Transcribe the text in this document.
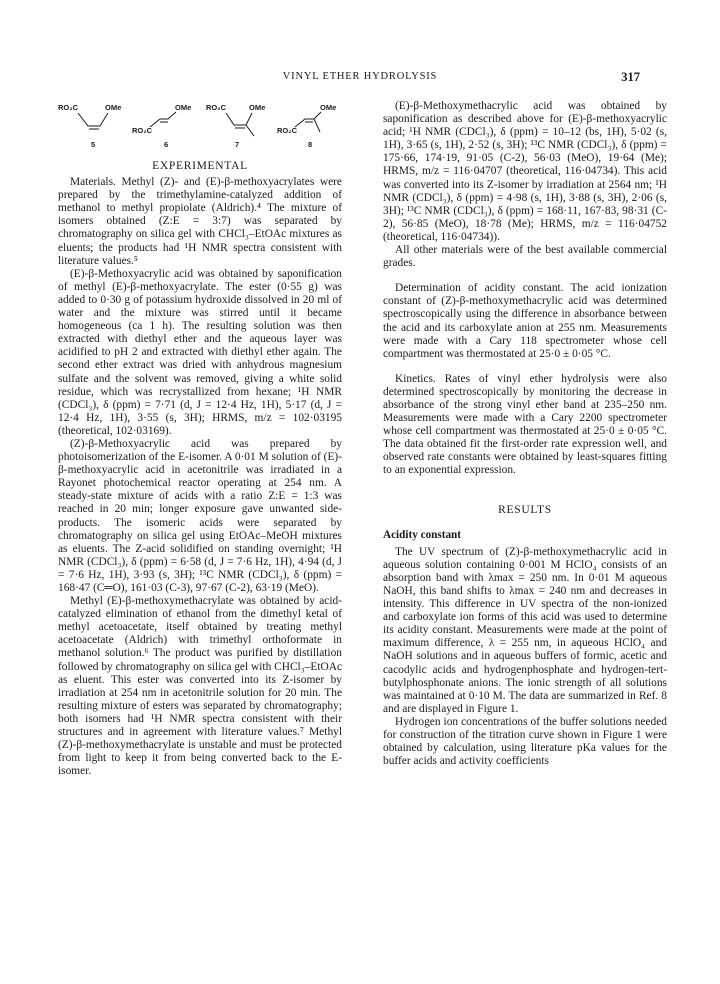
VINYL ETHER HYDROLYSIS	317
RO₂C	OMe
5
OMe
RO₂C
6
RO₂C	OMe
7
OMe
RO₂C
8

EXPERIMENTAL

Materials. Methyl (Z)- and (E)-β-methoxyacrylates were prepared by the trimethylamine-catalyzed addition of methanol to methyl propiolate (Aldrich).⁴ The mixture of isomers obtained (Z:E = 3:7) was separated by chromatography on silica gel with CHCl₃–EtOAc mixtures as eluents; the products had ¹H NMR spectra consistent with literature values.⁵

(E)-β-Methoxyacrylic acid was obtained by saponification of methyl (E)-β-methoxyacrylate. The ester (0·55 g) was added to 0·30 g of potassium hydroxide dissolved in 20 ml of water and the mixture was stirred until it became homogeneous (ca 1 h). The resulting solution was then extracted with diethyl ether and the aqueous layer was acidified to pH 2 and extracted with diethyl ether again. The second ether extract was dried with anhydrous magnesium sulfate and the solvent was removed, giving a white solid residue, which was recrystallized from hexane; ¹H NMR (CDCl₃), δ (ppm) = 7·71 (d, J = 12·4 Hz, 1H), 5·17 (d, J = 12·4 Hz, 1H), 3·55 (s, 3H); HRMS, m/z = 102·03195 (theoretical, 102·03169).

(Z)-β-Methoxyacrylic acid was prepared by photoisomerization of the E-isomer. A 0·01 M solution of (E)-β-methoxyacrylic acid in acetonitrile was irradiated in a Rayonet photochemical reactor operating at 254 nm. A steady-state mixture of acids with a ratio Z:E = 1:3 was reached in 20 min; longer exposure gave unwanted side-products. The isomeric acids were separated by chromatography on silica gel using EtOAc–MeOH mixtures as eluents. The Z-acid solidified on standing overnight; ¹H NMR (CDCl₃), δ (ppm) = 6·58 (d, J = 7·6 Hz, 1H), 4·94 (d, J = 7·6 Hz, 1H), 3·93 (s, 3H); ¹³C NMR (CDCl₃), δ (ppm) = 168·47 (C═O), 161·03 (C-3), 97·67 (C-2), 63·19 (MeO).

Methyl (E)-β-methoxymethacrylate was obtained by acid-catalyzed elimination of ethanol from the dimethyl ketal of methyl acetoacetate, itself obtained by treating methyl acetoacetate (Aldrich) with trimethyl orthoformate in methanol solution.⁶ The product was purified by distillation followed by chromatography on silica gel with CHCl₃–EtOAc as eluent. This ester was converted into its Z-isomer by irradiation at 254 nm in acetonitrile solution for 20 min. The resulting mixture of esters was separated by chromatography; both isomers had ¹H NMR spectra consistent with their structures and in agreement with literature values.⁷ Methyl (Z)-β-methoxymethacrylate is unstable and must be protected from light to keep it from being converted back to the E-isomer.

(E)-β-Methoxymethacrylic acid was obtained by saponification as described above for (E)-β-methoxyacrylic acid; ¹H NMR (CDCl₃), δ (ppm) = 10–12 (bs, 1H), 5·02 (s, 1H), 3·65 (s, 1H), 2·52 (s, 3H); ¹³C NMR (CDCl₃), δ (ppm) = 175·66, 174·19, 91·05 (C-2), 56·03 (MeO), 19·64 (Me); HRMS, m/z = 116·04707 (theoretical, 116·04734). This acid was converted into its Z-isomer by irradiation at 2564 nm; ¹H NMR (CDCl₃), δ (ppm) = 4·98 (s, 1H), 3·88 (s, 3H), 2·06 (s, 3H); ¹³C NMR (CDCl₃), δ (ppm) = 168·11, 167·83, 98·31 (C-2), 56·85 (MeO), 18·78 (Me); HRMS, m/z = 116·04752 (theoretical, 116·04734)).

All other materials were of the best available commercial grades.

Determination of acidity constant. The acid ionization constant of (Z)-β-methoxymethacrylic acid was determined spectroscopically using the difference in absorbance between the acid and its carboxylate anion at 255 nm. Measurements were made with a Cary 118 spectrometer whose cell compartment was thermostated at 25·0 ± 0·05 °C.

Kinetics. Rates of vinyl ether hydrolysis were also determined spectroscopically by monitoring the decrease in absorbance of the strong vinyl ether band at 235–250 nm. Measurements were made with a Cary 2200 spectrometer whose cell compartment was thermostated at 25·0 ± 0·05 °C. The data obtained fit the first-order rate expression well, and observed rate constants were obtained by least-squares fitting to an exponential expression.

RESULTS

Acidity constant

The UV spectrum of (Z)-β-methoxymethacrylic acid in aqueous solution containing 0·001 M HClO₄ consists of an absorption band with λmax = 250 nm. In 0·01 M aqueous NaOH, this band shifts to λmax = 240 nm and decreases in intensity. This difference in UV spectra of the non-ionized and carboxylate ion forms of this acid was used to determine its acidity constant. Measurements were made at the point of maximum difference, λ = 255 nm, in aqueous HClO₄ and NaOH solutions and in aqueous buffers of formic, acetic and cacodylic acids and hydrogenphosphate and hydrogen-tert-butylphosphonate anions. The ionic strength of all solutions was maintained at 0·10 M. The data are summarized in Ref. 8 and are displayed in Figure 1.

Hydrogen ion concentrations of the buffer solutions needed for construction of the titration curve shown in Figure 1 were obtained by calculation, using literature pKa values for the buffer acids and activity coefficients
